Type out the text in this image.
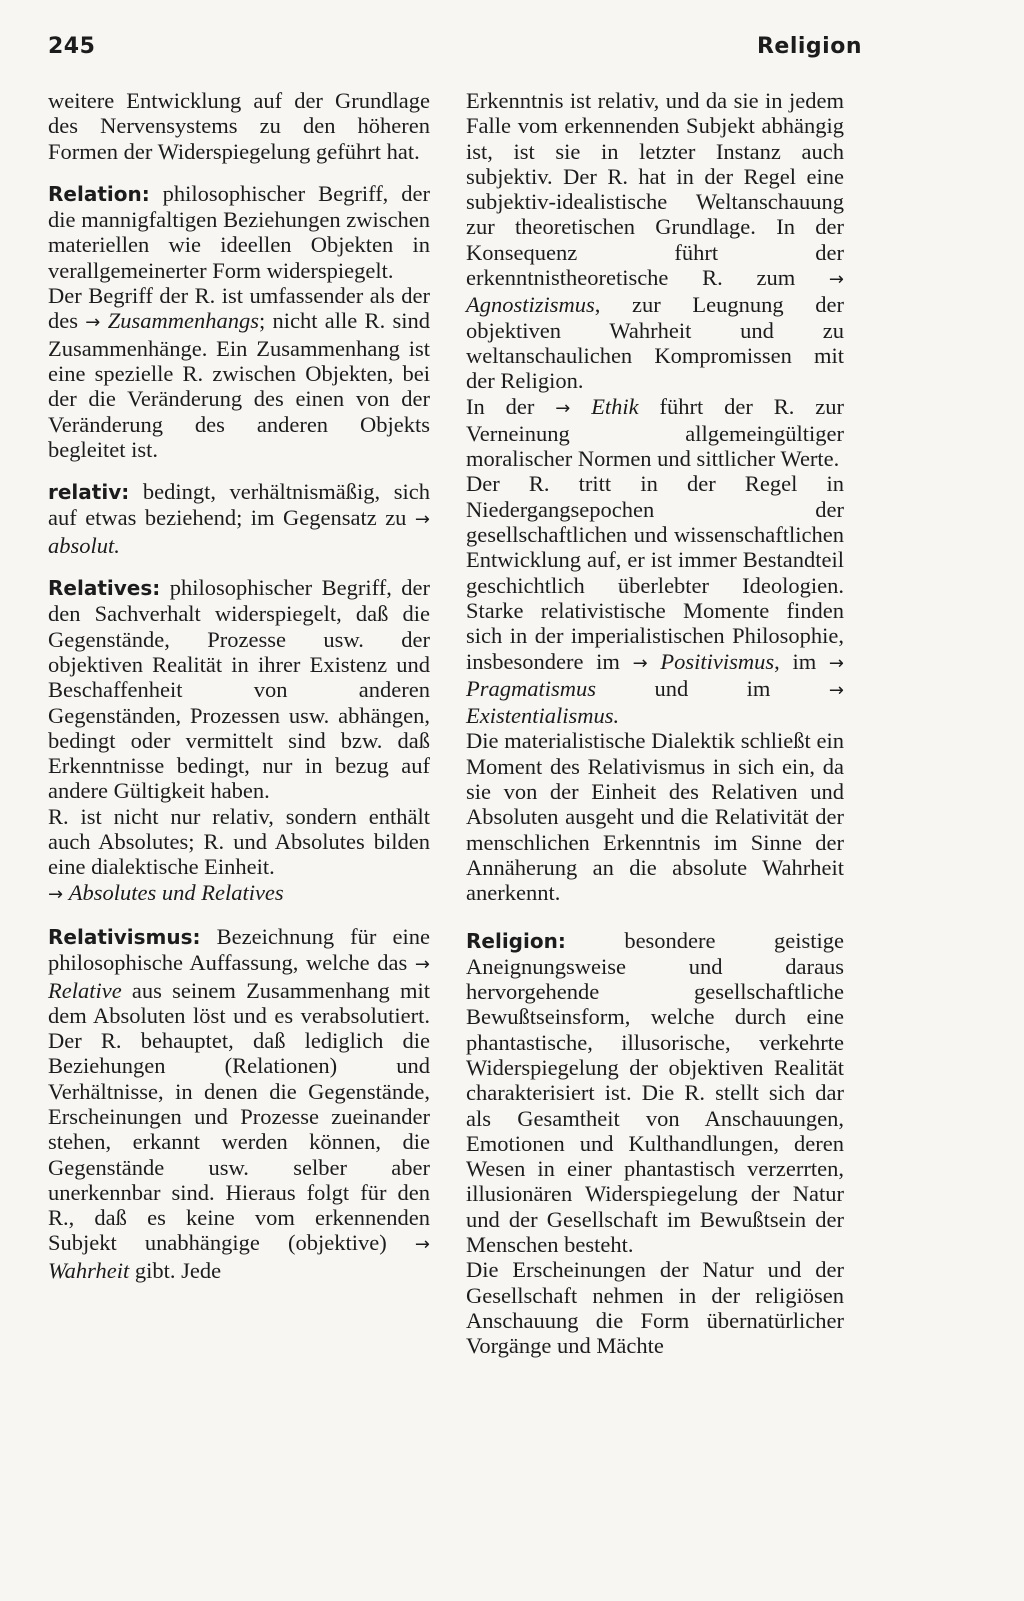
245	Religion

weitere Entwicklung auf der Grundlage des Nervensystems zu den höheren Formen der Widerspiegelung geführt hat.

Relation: philosophischer Begriff, der die mannigfaltigen Beziehungen zwischen materiellen wie ideellen Objekten in verallgemeinerter Form widerspiegelt.

Der Begriff der R. ist umfassender als der des → Zusammenhangs; nicht alle R. sind Zusammenhänge. Ein Zusammenhang ist eine spezielle R. zwischen Objekten, bei der die Veränderung des einen von der Veränderung des anderen Objekts begleitet ist.

relativ: bedingt, verhältnismäßig, sich auf etwas beziehend; im Gegensatz zu → absolut.

Relatives: philosophischer Begriff, der den Sachverhalt widerspiegelt, daß die Gegenstände, Prozesse usw. der objektiven Realität in ihrer Existenz und Beschaffenheit von anderen Gegenständen, Prozessen usw. abhängen, bedingt oder vermittelt sind bzw. daß Erkenntnisse bedingt, nur in bezug auf andere Gültigkeit haben.

R. ist nicht nur relativ, sondern enthält auch Absolutes; R. und Absolutes bilden eine dialektische Einheit.

→ Absolutes und Relatives

Relativismus: Bezeichnung für eine philosophische Auffassung, welche das → Relative aus seinem Zusammenhang mit dem Absoluten löst und es verabsolutiert. Der R. behauptet, daß lediglich die Beziehungen (Relationen) und Verhältnisse, in denen die Gegenstände, Erscheinungen und Prozesse zueinander stehen, erkannt werden können, die Gegenstände usw. selber aber unerkennbar sind. Hieraus folgt für den R., daß es keine vom erkennenden Subjekt unabhängige (objektive) → Wahrheit gibt. Jede

Erkenntnis ist relativ, und da sie in jedem Falle vom erkennenden Subjekt abhängig ist, ist sie in letzter Instanz auch subjektiv. Der R. hat in der Regel eine subjektiv-idealistische Weltanschauung zur theoretischen Grundlage. In der Konsequenz führt der erkenntnistheoretische R. zum → Agnostizismus, zur Leugnung der objektiven Wahrheit und zu weltanschaulichen Kompromissen mit der Religion.

In der → Ethik führt der R. zur Verneinung allgemeingültiger moralischer Normen und sittlicher Werte.

Der R. tritt in der Regel in Niedergangsepochen der gesellschaftlichen und wissenschaftlichen Entwicklung auf, er ist immer Bestandteil geschichtlich überlebter Ideologien. Starke relativistische Momente finden sich in der imperialistischen Philosophie, insbesondere im → Positivismus, im → Pragmatismus und im → Existentialismus.

Die materialistische Dialektik schließt ein Moment des Relativismus in sich ein, da sie von der Einheit des Relativen und Absoluten ausgeht und die Relativität der menschlichen Erkenntnis im Sinne der Annäherung an die absolute Wahrheit anerkennt.

Religion: besondere geistige Aneignungsweise und daraus hervorgehende gesellschaftliche Bewußtseinsform, welche durch eine phantastische, illusorische, verkehrte Widerspiegelung der objektiven Realität charakterisiert ist. Die R. stellt sich dar als Gesamtheit von Anschauungen, Emotionen und Kulthandlungen, deren Wesen in einer phantastisch verzerrten, illusionären Widerspiegelung der Natur und der Gesellschaft im Bewußtsein der Menschen besteht.

Die Erscheinungen der Natur und der Gesellschaft nehmen in der religiösen Anschauung die Form übernatürlicher Vorgänge und Mächte
